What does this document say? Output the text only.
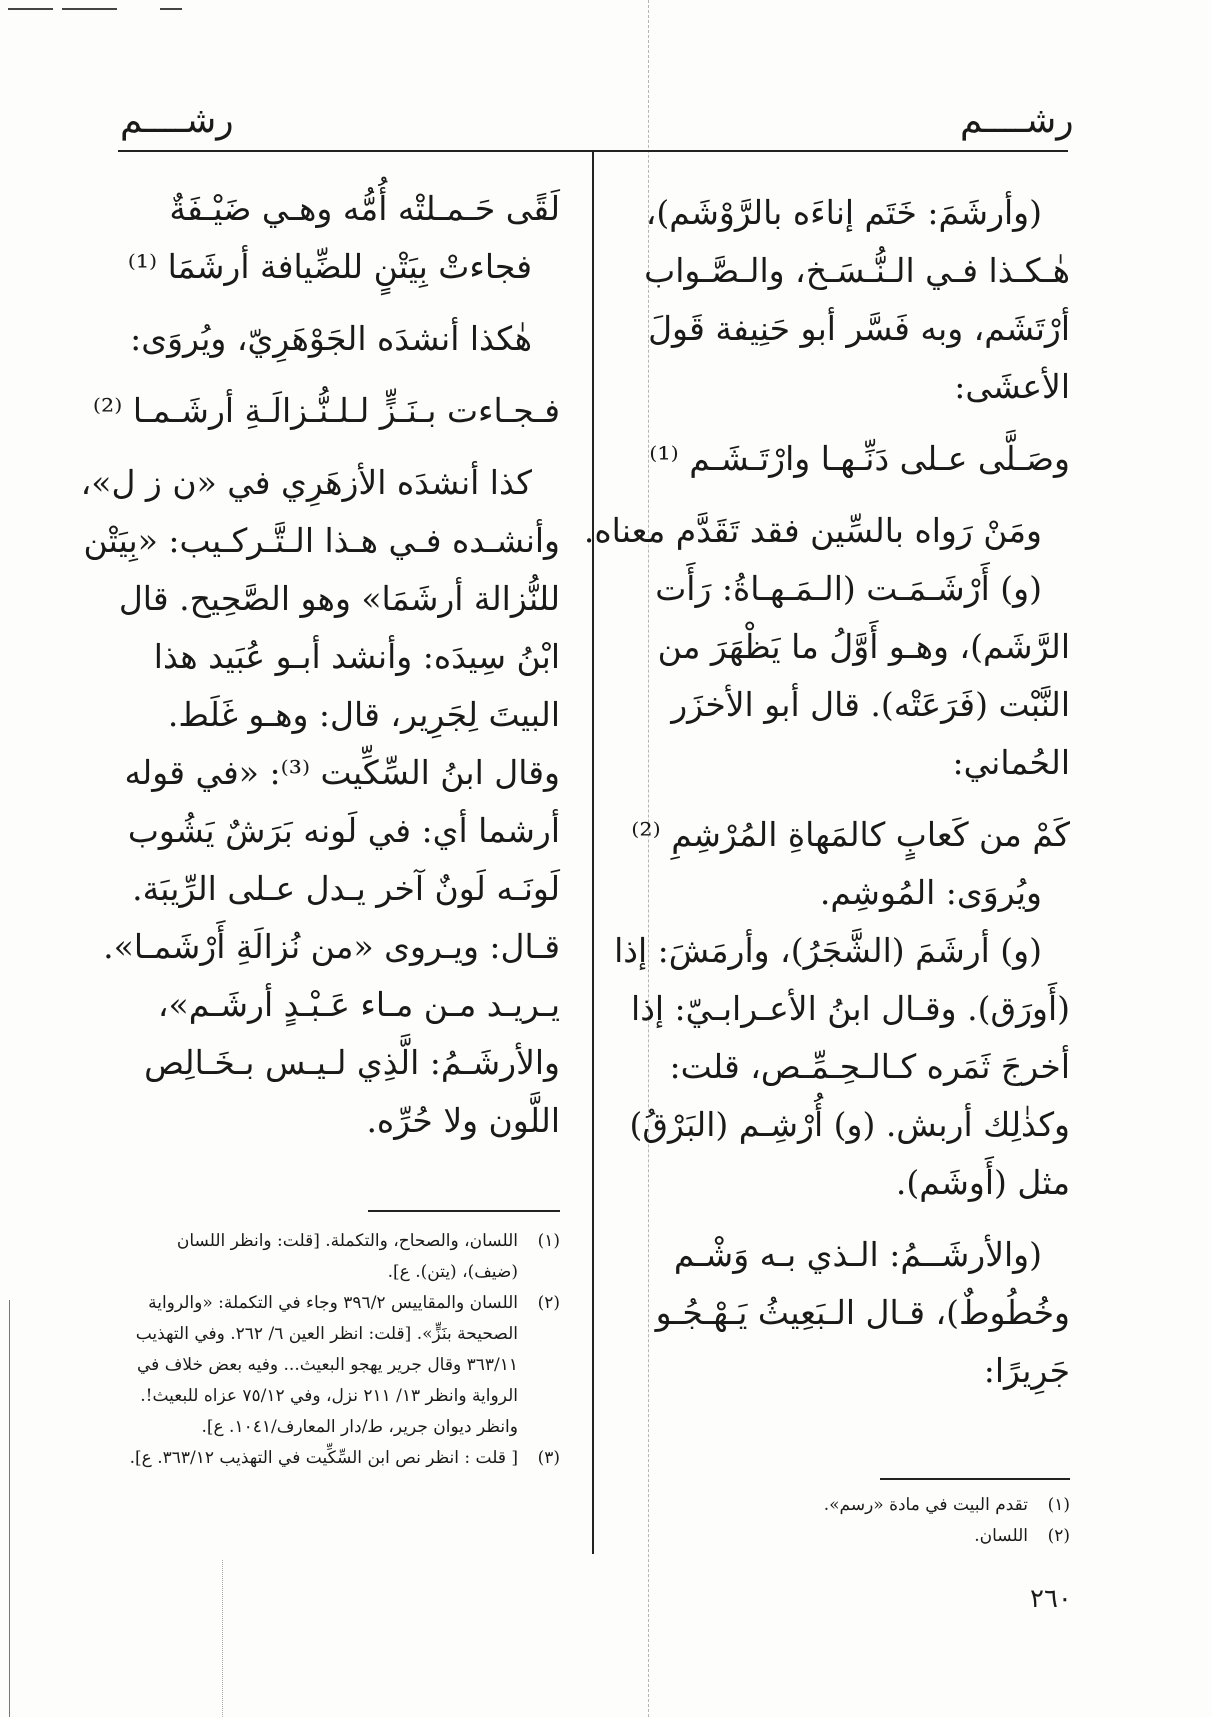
رشــــم	رشــــم
(وأرشَمَ: خَتَم إناءَه بالرَّوْشَم)،
هٰـكـذا فـي الـنُّـسَـخ، والـصَّـواب
أرْتَشَم، وبه فَسَّر أبو حَنِيفة قَولَ
الأعشَى:
وصَـلَّى عـلى دَنِّـهـا وارْتَـشَـم ⁽¹⁾
ومَنْ رَواه بالسِّين فقد تَقَدَّم معناه.
(و) أَرْشَـمَـت (الـمَـهـاةُ: رَأَت
الرَّشَم)، وهـو أَوَّلُ ما يَظْهَرَ من
النَّبْت (فَرَعَتْه). قال أبو الأخزَر
الحُماني:
كَمْ من كَعابٍ كالمَهاةِ المُرْشِمِ ⁽²⁾
ويُروَى: المُوشِم.
(و) أرشَمَ (الشَّجَرُ)، وأرمَشَ: إذا
(أَورَق). وقـال ابنُ الأعـرابـيّ: إذا
أخرجَ ثَمَره كـالـحِـمِّـص، قلت:
وكذٰلِك أربش. (و) أُرْشِـم (البَرْقُ)
مثل (أَوشَم).
(والأرشَــمُ: الـذي بـه وَشْـم
وخُطُوطٌ)، قـال الـبَعِيثُ يَـهْـجُـو
جَرِيرًا:
لَقًى حَـمـلتْه أُمُّه وهـي ضَيْـفَةٌ
فجاءتْ بِيَتْنٍ للضِّيافة أرشَمَا ⁽¹⁾
هٰكذا أنشدَه الجَوْهَرِيّ، ويُروَى:
فـجـاءت بـنَـزٍّ لـلـنُّـزالَـةِ أرشَـمـا ⁽²⁾
كذا أنشدَه الأزهَرِي في «ن ز ل»،
وأنشـده فـي هـذا الـتَّـركـيب: «بِيَتْن
للنُّزالة أرشَمَا» وهو الصَّحِيح. قال
ابْنُ سِيدَه: وأنشد أبـو عُبَيد هذا
البيتَ لِجَرِير، قال: وهـو غَلَط.
وقال ابنُ السِّكِّيت ⁽³⁾: «في قوله
أرشما أي: في لَونه بَرَشٌ يَشُوب
لَونَـه لَونٌ آخر يـدل عـلى الرِّيبَة.
قـال: ويـروى «من نُزالَةِ أَرْشَمـا».
يـريـد مـن مـاء عَـبْـدٍ أرشَـم»،
والأرشَـمُ: الَّذِي لـيـس بـخَـالِص
اللَّون ولا حُرِّه.
(١)
اللسان، والصحاح، والتكملة. [قلت: وانظر اللسان (ضيف)، (يتن). ع].
(٢)
اللسان والمقاييس ٣٩٦/٢ وجاء في التكملة: «والرواية الصحيحة بنَزٍّ». [قلت: انظر العين ٦/ ٢٦٢. وفي التهذيب ٣٦٣/١١ وقال جرير يهجو البعيث... وفيه بعض خلاف في الرواية وانظر ١٣/ ٢١١ نزل، وفي ٧٥/١٢ عزاه للبعيث!. وانظر ديوان جرير، ط/دار المعارف/١٠٤١. ع].
(٣)
[ قلت : انظر نص ابن السِّكِّيت في التهذيب ٣٦٣/١٢. ع].
(١)
تقدم البيت في مادة «رسم».
(٢)
اللسان.
٢٦٠
